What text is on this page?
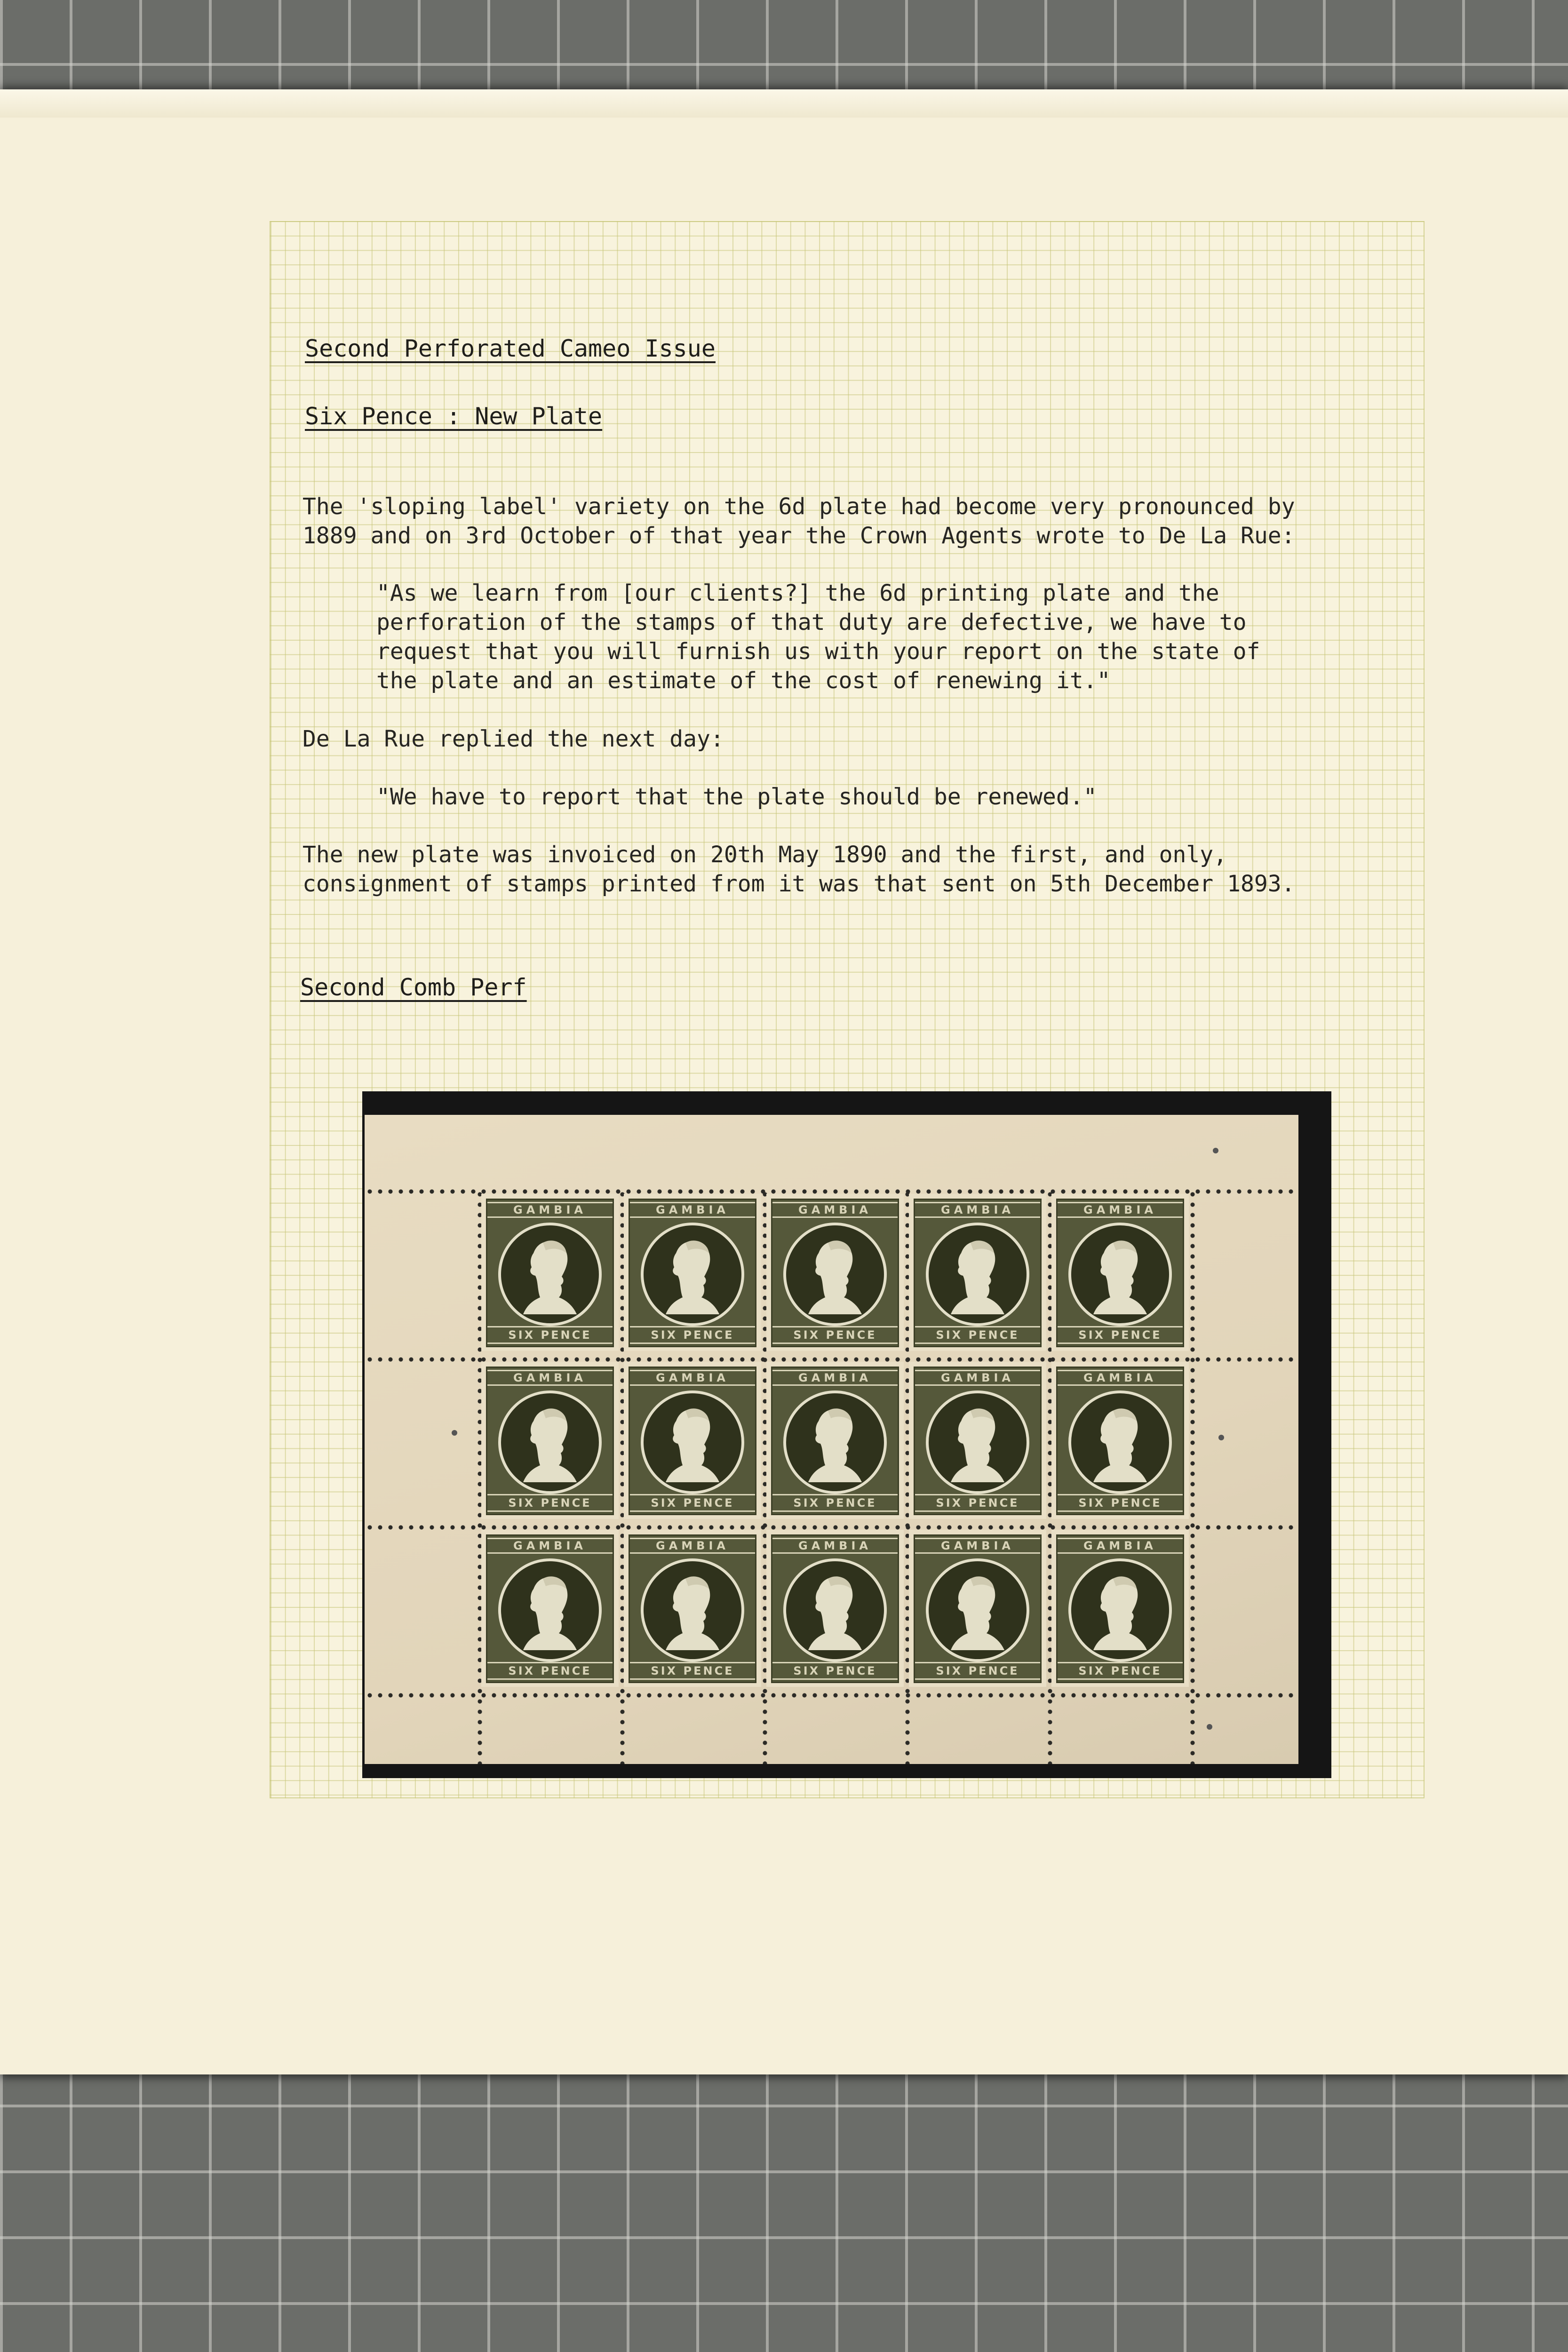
Second Perforated Cameo Issue
Six Pence : New Plate
The 'sloping label' variety on the 6d plate had become very pronounced by
1889 and on 3rd October of that year the Crown Agents wrote to De La Rue:
"As we learn from [our clients?] the 6d printing plate and the
perforation of the stamps of that duty are defective, we have to
request that you will furnish us with your report on the state of
the plate and an estimate of the cost of renewing it."
De La Rue replied the next day:
"We have to report that the plate should be renewed."
The new plate was invoiced on 20th May 1890 and the first, and only,
consignment of stamps printed from it was that sent on 5th December 1893.
Second Comb Perf
GAMBIA
SIX PENCE
GAMBIA
SIX PENCE
GAMBIA
SIX PENCE
GAMBIA
SIX PENCE
GAMBIA
SIX PENCE
GAMBIA
SIX PENCE
GAMBIA
SIX PENCE
GAMBIA
SIX PENCE
GAMBIA
SIX PENCE
GAMBIA
SIX PENCE
GAMBIA
SIX PENCE
GAMBIA
SIX PENCE
GAMBIA
SIX PENCE
GAMBIA
SIX PENCE
GAMBIA
SIX PENCE
